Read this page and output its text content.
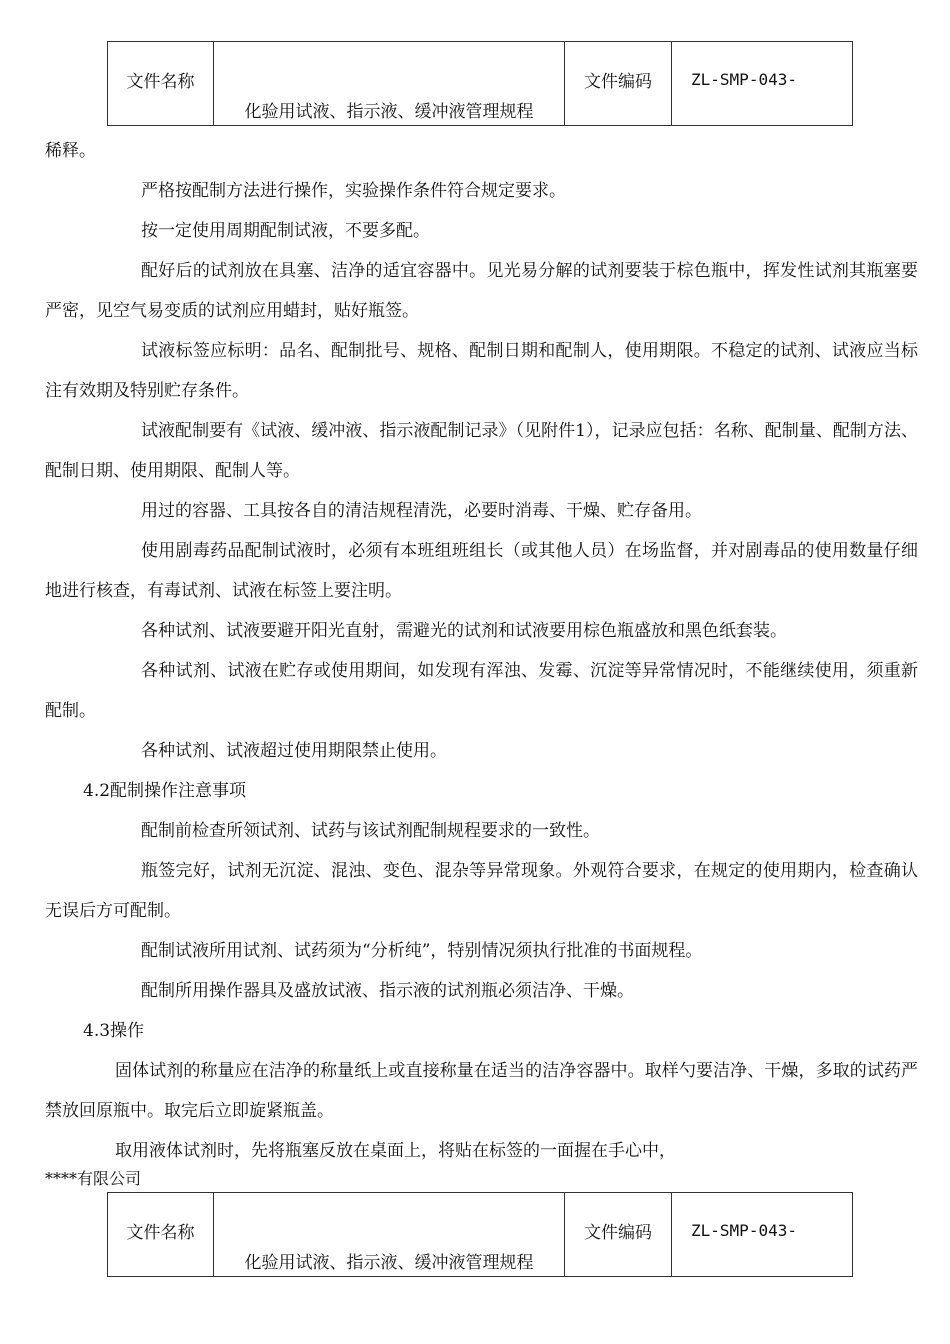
文件名称	化验用试液、指示液、缓冲液管理规程	文件编码	ZL-SMP-043-

稀释。

严格按配制方法进行操作，实验操作条件符合规定要求。

按一定使用周期配制试液，不要多配。

配好后的试剂放在具塞、洁净的适宜容器中。见光易分解的试剂要装于棕色瓶中，挥发性试剂其瓶塞要严密，见空气易变质的试剂应用蜡封，贴好瓶签。

试液标签应标明：品名、配制批号、规格、配制日期和配制人，使用期限。不稳定的试剂、试液应当标注有效期及特别贮存条件。

试液配制要有《试液、缓冲液、指示液配制记录》（见附件1），记录应包括：名称、配制量、配制方法、配制日期、使用期限、配制人等。

用过的容器、工具按各自的清洁规程清洗，必要时消毒、干燥、贮存备用。

使用剧毒药品配制试液时，必须有本班组班组长（或其他人员）在场监督，并对剧毒品的使用数量仔细地进行核查，有毒试剂、试液在标签上要注明。

各种试剂、试液要避开阳光直射，需避光的试剂和试液要用棕色瓶盛放和黑色纸套装。

各种试剂、试液在贮存或使用期间，如发现有浑浊、发霉、沉淀等异常情况时，不能继续使用，须重新配制。

各种试剂、试液超过使用期限禁止使用。

4.2配制操作注意事项

配制前检查所领试剂、试药与该试剂配制规程要求的一致性。

瓶签完好，试剂无沉淀、混浊、变色、混杂等异常现象。外观符合要求，在规定的使用期内，检查确认无误后方可配制。

配制试液所用试剂、试药须为“分析纯”，特别情况须执行批准的书面规程。

配制所用操作器具及盛放试液、指示液的试剂瓶必须洁净、干燥。

4.3操作

固体试剂的称量应在洁净的称量纸上或直接称量在适当的洁净容器中。取样勺要洁净、干燥，多取的试药严禁放回原瓶中。取完后立即旋紧瓶盖。

取用液体试剂时，先将瓶塞反放在桌面上，将贴在标签的一面握在手心中，

****有限公司
文件名称	化验用试液、指示液、缓冲液管理规程	文件编码	ZL-SMP-043-
